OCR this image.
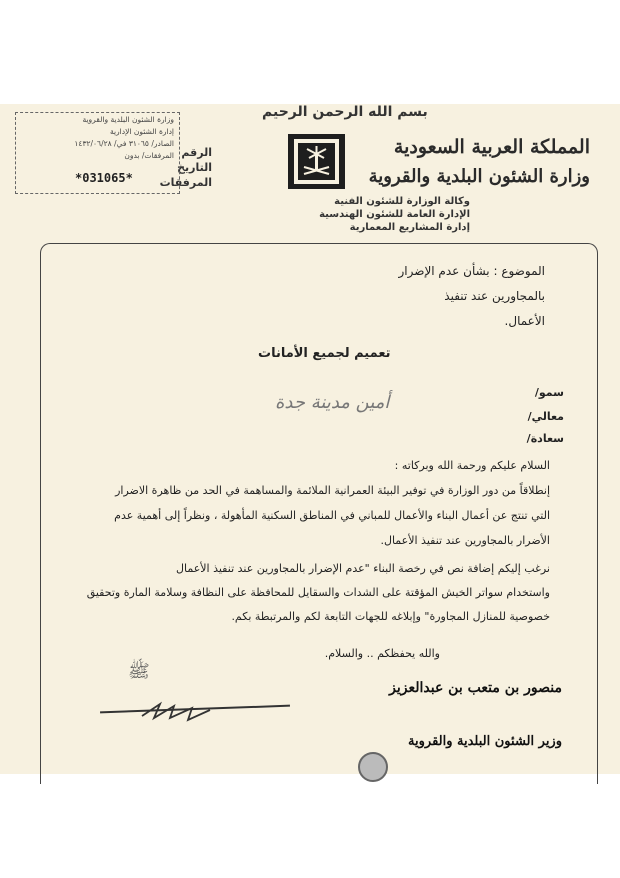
بسم الله الرحمن الرحيم
المملكة العربية السعودية
وزارة الشئون البلدية والقروية
وكالة الوزارة للشئون الفنية
الإدارة العامة للشئون الهندسية
إدارة المشاريع المعمارية
الرقم
التاريخ
المرفقات
وزارة الشئون البلدية والقروية
إدارة الشئون الإدارية
الصادر/ ٣١٠٦٥ في/ ١٤٣٢/٠٦/٢٨
المرفقات/ بدون
*031065*
الموضوع : بشأن عدم الإضرار
بالمجاورين عند تنفيذ
الأعمال.
تعميم لجميع الأمانات
سمو/
معالي/
سعادة/
أمين مدينة جدة
السلام عليكم ورحمة الله وبركاته :
إنطلاقاً من دور الوزارة في توفير البيئة العمرانية الملائمة والمساهمة في الحد من ظاهرة الاضرار
التي تنتج عن أعمال البناء والأعمال للمباني في المناطق السكنية المأهولة ، ونظراً إلى أهمية عدم
الأضرار بالمجاورين عند تنفيذ الأعمال.
نرغب إليكم إضافة نص في رخصة البناء "عدم الإضرار بالمجاورين عند تنفيذ الأعمال
واستخدام سواتر الخيش المؤقتة على الشدات والسقايل للمحافظة على النظافة وسلامة المارة وتحقيق
خصوصية للمنازل المجاورة" وإبلاغه للجهات التابعة لكم والمرتبطة بكم.
والله يحفظكم .. والسلام.
ﷺ
منصور بن متعب بن عبدالعزيز
وزير الشئون البلدية والقروية
